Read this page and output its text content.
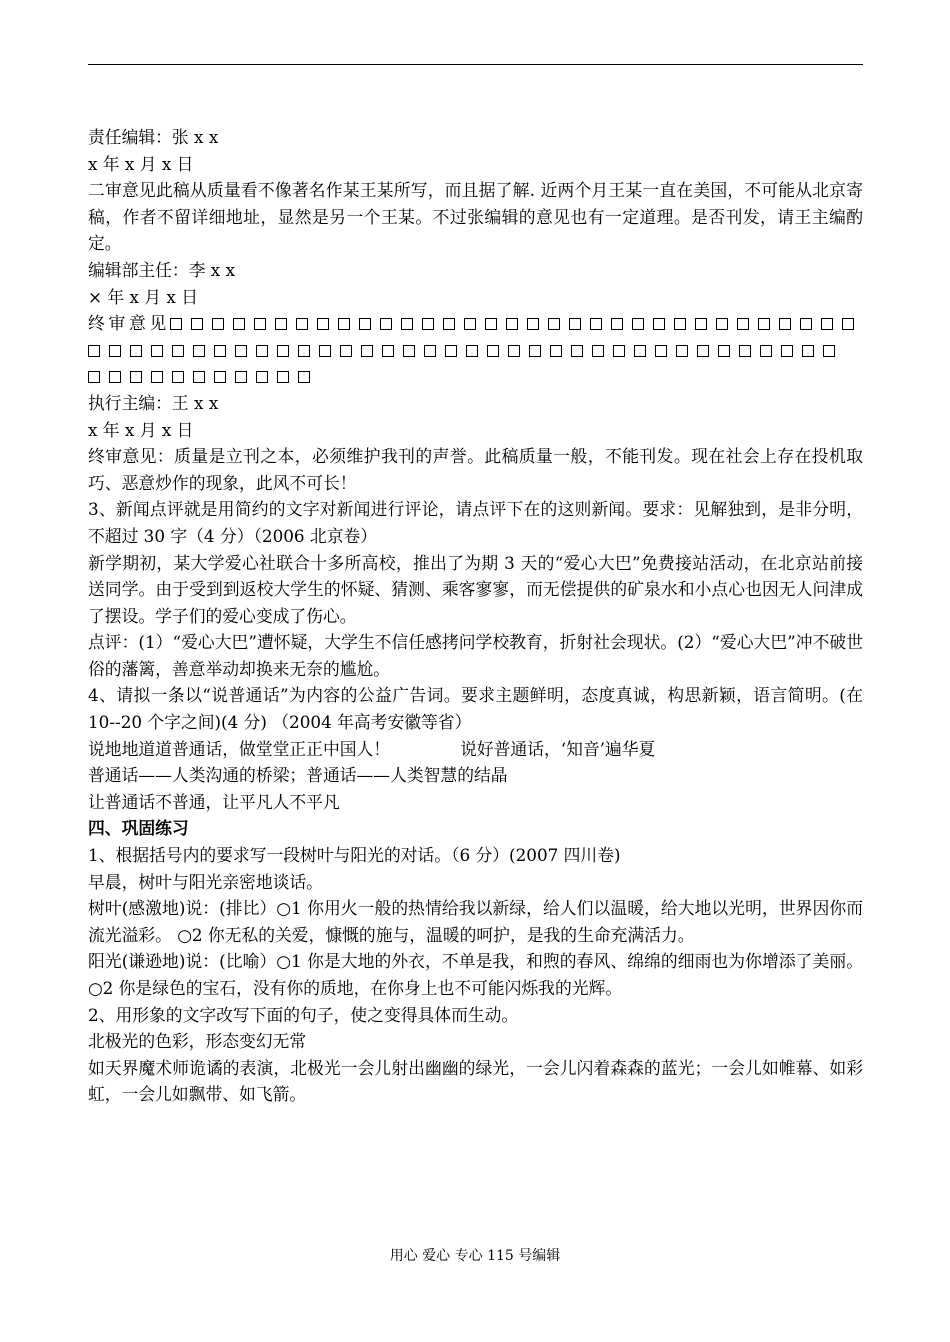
责任编辑：张 x x

x 年 x 月 x 日

二审意见此稿从质量看不像著名作某王某所写，而且据了解. 近两个月王某一直在美国，不可能从北京寄稿，作者不留详细地址，显然是另一个王某。不过张编辑的意见也有一定道理。是否刊发，请王主编酌定。

编辑部主任：李 x x

× 年 x 月 x 日

终审意见

执行主编：王 x x

x 年 x 月 x 日

终审意见：质量是立刊之本，必须维护我刊的声誉。此稿质量一般，不能刊发。现在社会上存在投机取巧、恶意炒作的现象，此风不可长！

3、新闻点评就是用简约的文字对新闻进行评论，请点评下在的这则新闻。要求：见解独到，是非分明，不超过 30 字（4 分）（2006 北京卷）

新学期初，某大学爱心社联合十多所高校，推出了为期 3 天的“爱心大巴”免费接站活动，在北京站前接送同学。由于受到到返校大学生的怀疑、猜测、乘客寥寥，而无偿提供的矿泉水和小点心也因无人问津成了摆设。学子们的爱心变成了伤心。

点评：(1）“爱心大巴”遭怀疑，大学生不信任感拷问学校教育，折射社会现状。(2）“爱心大巴”冲不破世俗的藩篱，善意举动却换来无奈的尴尬。

4、请拟一条以“说普通话”为内容的公益广告词。要求主题鲜明，态度真诚，构思新颖，语言简明。(在 10--20 个字之间)(4 分) （2004 年高考安徽等省）

说地地道道普通话，做堂堂正正中国人！	说好普通话，‘知音’遍华夏

普通话——人类沟通的桥梁；普通话——人类智慧的结晶

让普通话不普通，让平凡人不平凡

四、巩固练习

1、根据括号内的要求写一段树叶与阳光的对话。（6 分）(2007 四川卷)

早晨，树叶与阳光亲密地谈话。

树叶(感激地)说：(排比）○1 你用火一般的热情给我以新绿，给人们以温暖，给大地以光明，世界因你而流光溢彩。 ○2 你无私的关爱，慷慨的施与，温暖的呵护，是我的生命充满活力。

阳光(谦逊地)说：(比喻）○1 你是大地的外衣，不单是我，和煦的春风、绵绵的细雨也为你增添了美丽。 ○2 你是绿色的宝石，没有你的质地，在你身上也不可能闪烁我的光辉。

2、用形象的文字改写下面的句子，使之变得具体而生动。

北极光的色彩，形态变幻无常

如天界魔术师诡谲的表演，北极光一会儿射出幽幽的绿光，一会儿闪着森森的蓝光；一会儿如帷幕、如彩虹，一会儿如飘带、如飞箭。

用心 爱心 专心 115 号编辑
